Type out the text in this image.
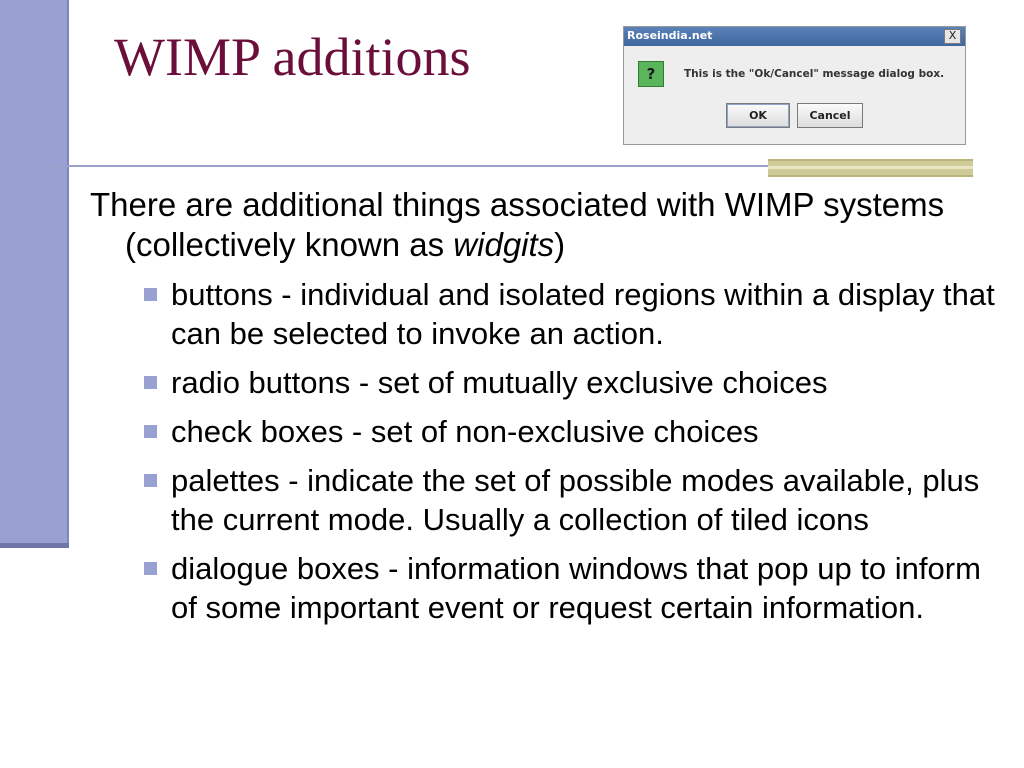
WIMP additions	Roseindia.net	X
?	This is the "Ok/Cancel" message dialog box.
OK	Cancel

There are additional things associated with WIMP systems (collectively known as widgits)

buttons - individual and isolated regions within a display that can be selected to invoke an action.
radio buttons - set of mutually exclusive choices
check boxes - set of non-exclusive choices
palettes - indicate the set of possible modes available, plus the current mode. Usually a collection of tiled icons
dialogue boxes - information windows that pop up to inform of some important event or request certain information.
